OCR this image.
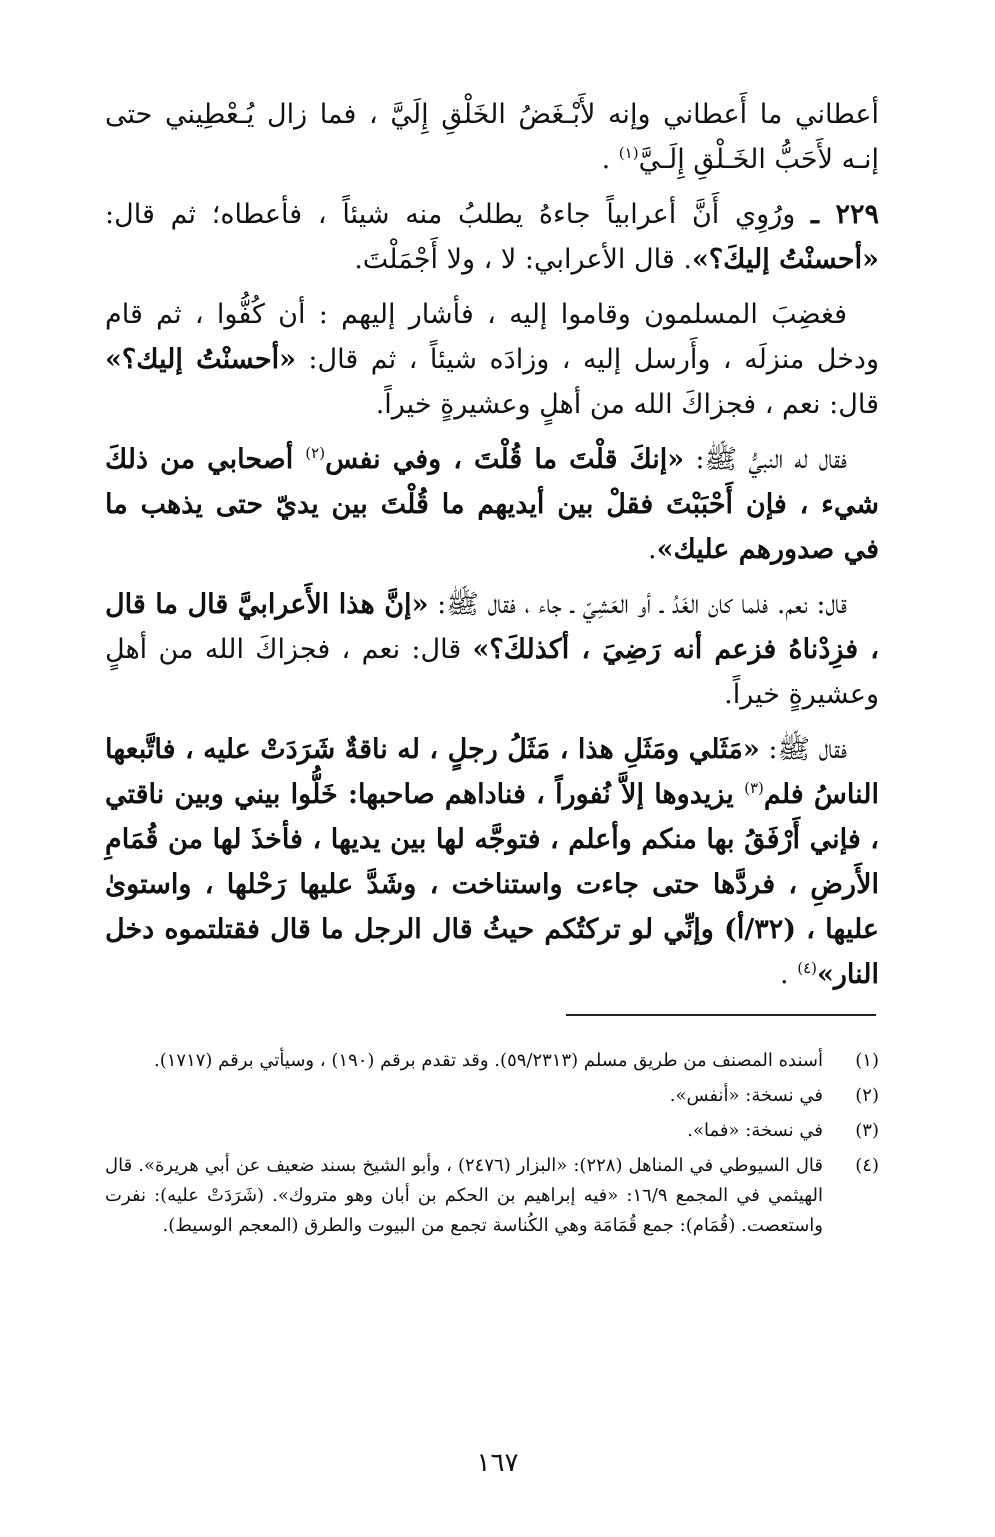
أعطاني ما أَعطاني وإنه لأَبْـغَضُ الخَلْقِ إِلَيَّ ، فما زال يُـعْطِيني حتى إنـه لأَحَبُّ الخَـلْقِ إِلَـيَّ$^{(١)}$ .

٢٢٩ ـ ورُوِي أَنَّ أعرابياً جاءهُ يطلبُ منه شيئاً ، فأعطاه؛ ثم قال: «أحسنْتُ إليكَ؟». قال الأعرابي: لا ، ولا أَجْمَلْتَ.

فغضِبَ المسلمون وقاموا إليه ، فأشار إليهم : أن كُفُّوا ، ثم قام ودخل منزلَه ، وأَرسل إليه ، وزادَه شيئاً ، ثم قال: «أحسنْتُ إليك؟» قال: نعم ، فجزاكَ الله من أهلٍ وعشيرةٍ خيراً.

فقال له النبيُّ ﷺ: «إنكَ قلْتَ ما قُلْتَ ، وفي نفس$^{(٢)}$ أصحابي من ذلكَ شيء ، فإن أَحْبَبْتَ فقلْ بين أيديهم ما قُلْتَ بين يديّ حتى يذهب ما في صدورهم عليك».

قال: نعم. فلما كان الغَدُ ـ أو العَشِيّ ـ جاء ، فقال ﷺ: «إنَّ هذا الأَعرابيَّ قال ما قال ، فزِدْناهُ فزعم أنه رَضِيَ ، أكذلكَ؟» قال: نعم ، فجزاكَ الله من أهلٍ وعشيرةٍ خيراً.

فقال ﷺ: «مَثَلي ومَثَلِ هذا ، مَثَلُ رجلٍ ، له ناقةٌ شَرَدَتْ عليه ، فاتَّبعها الناسُ فلم$^{(٣)}$ يزيدوها إلاَّ نُفوراً ، فناداهم صاحبها: خَلُّوا بيني وبين ناقتي ، فإني أَرْفَقُ بها منكم وأعلم ، فتوجَّه لها بين يديها ، فأخذَ لها من قُمَامِ الأَرضِ ، فردَّها حتى جاءت واستناخت ، وشَدَّ عليها رَحْلها ، واستوىٰ عليها ، (٣٢/أ) وإنِّي لو تركتُكم حيثُ قال الرجل ما قال فقتلتموه دخل النار»$^{(٤)}$ .

(١)
أسنده المصنف من طريق مسلم (٥٩/٢٣١٣). وقد تقدم برقم (١٩٠) ، وسيأتي برقم (١٧١٧).
(٢)
في نسخة: «أنفس».
(٣)
في نسخة: «فما».
(٤)
قال السيوطي في المناهل (٢٢٨): «البزار (٢٤٧٦) ، وأبو الشيخ بسند ضعيف عن أبي هريرة». قال الهيثمي في المجمع ١٦/٩: «فيه إبراهيم بن الحكم بن أبان وهو متروك». (شَرَدَتْ عليه): نفرت واستعصت. (قُمَام): جمع قُمَامَة وهي الكُناسة تجمع من البيوت والطرق (المعجم الوسيط).
١٦٧
